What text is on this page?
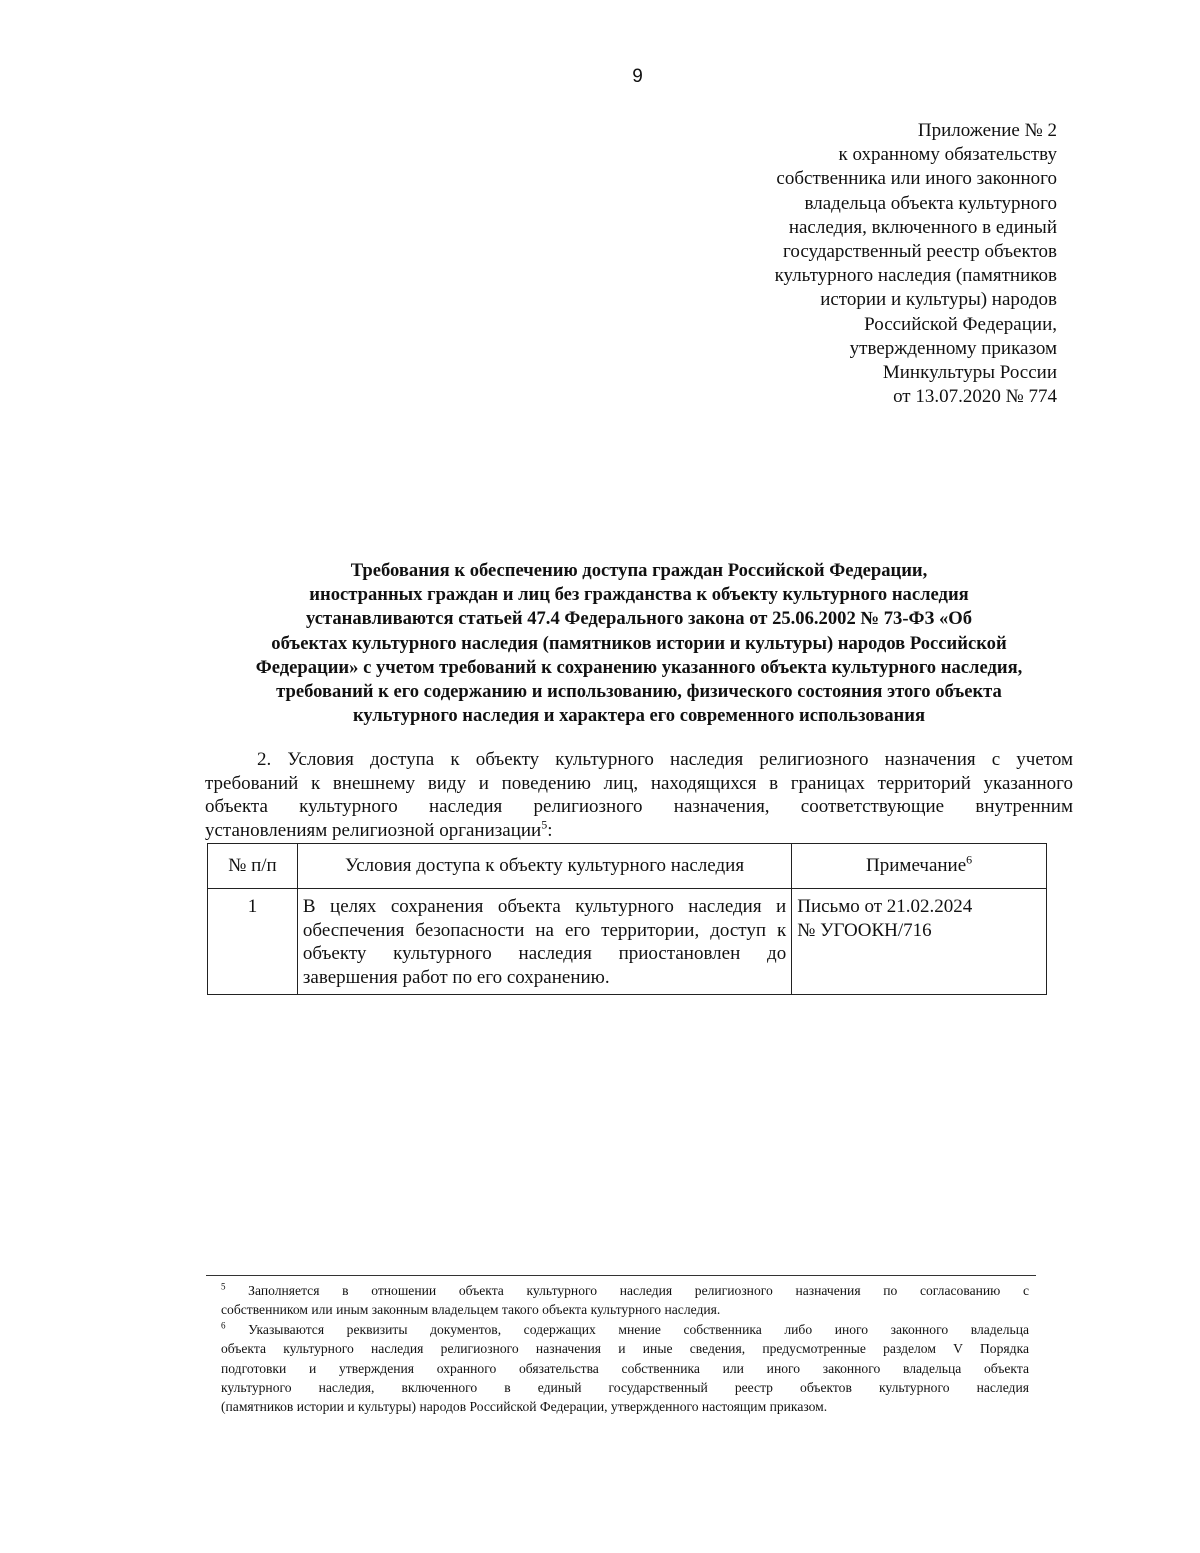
9
Приложение № 2
к охранному обязательству
собственника или иного законного
владельца объекта культурного
наследия, включенного в единый
государственный реестр объектов
культурного наследия (памятников
истории и культуры) народов
Российской Федерации,
утвержденному приказом
Минкультуры России
от 13.07.2020 № 774
Требования к обеспечению доступа граждан Российской Федерации,
иностранных граждан и лиц без гражданства к объекту культурного наследия
устанавливаются статьей 47.4 Федерального закона от 25.06.2002 № 73-ФЗ «Об
объектах культурного наследия (памятников истории и культуры) народов Российской
Федерации» с учетом требований к сохранению указанного объекта культурного наследия,
требований к его содержанию и использованию, физического состояния этого объекта
культурного наследия и характера его современного использования
2. Условия доступа к объекту культурного наследия религиозного назначения с учетом
требований к внешнему виду и поведению лиц, находящихся в границах территорий указанного
объекта культурного наследия религиозного назначения, соответствующие внутренним
установлениям религиозной организации$^5$:
№ п/п	Условия доступа к объекту культурного наследия	Примечание$^6$
1	В целях сохранения объекта культурного наследия и
обеспечения безопасности на его территории, доступ к
объекту культурного наследия приостановлен до
завершения работ по его сохранению.	Письмо от 21.02.2024
№ УГООКН/716
$^5$ Заполняется в отношении объекта культурного наследия религиозного назначения по согласованию с
собственником или иным законным владельцем такого объекта культурного наследия.
$^6$ Указываются реквизиты документов, содержащих мнение собственника либо иного законного владельца
объекта культурного наследия религиозного назначения и иные сведения, предусмотренные разделом V Порядка
подготовки и утверждения охранного обязательства собственника или иного законного владельца объекта
культурного наследия, включенного в единый государственный реестр объектов культурного наследия
(памятников истории и культуры) народов Российской Федерации, утвержденного настоящим приказом.
